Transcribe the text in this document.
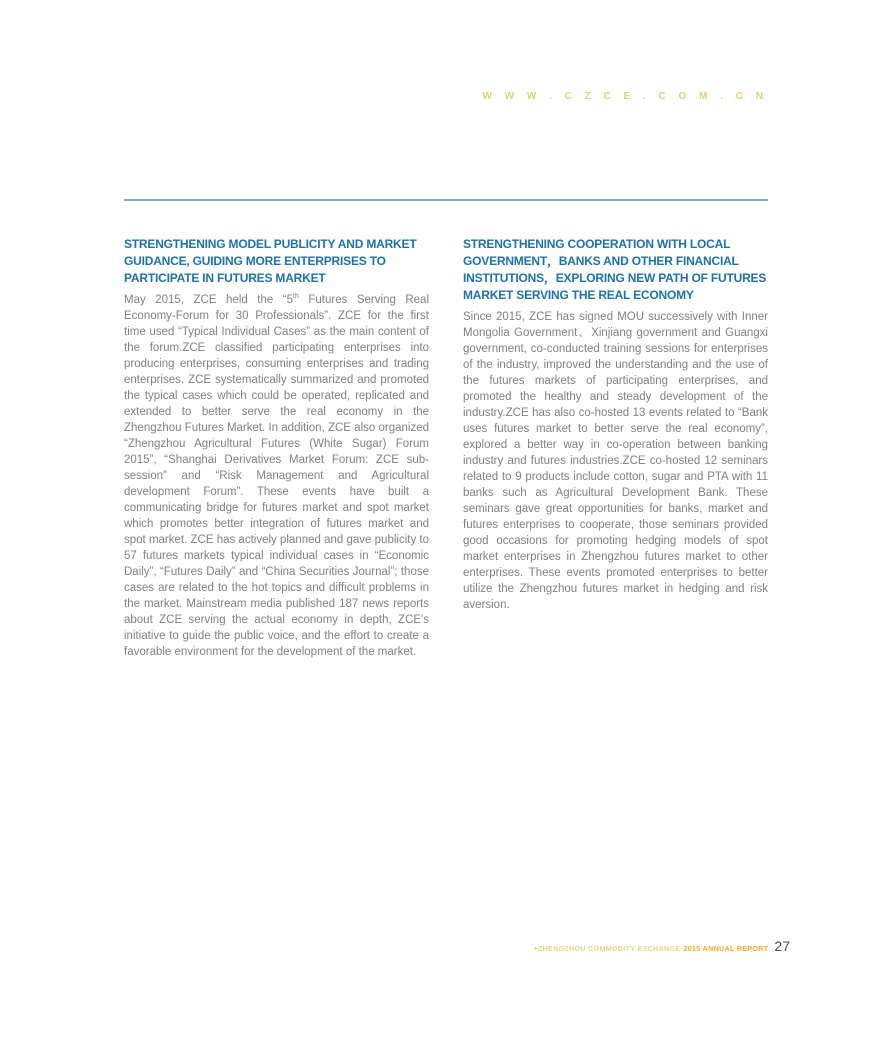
W W W . C Z C E . C O M . C N
STRENGTHENING MODEL PUBLICITY AND MARKET
GUIDANCE, GUIDING MORE ENTERPRISES TO
PARTICIPATE IN FUTURES MARKET

May 2015, ZCE held the “5th Futures Serving Real Economy-Forum for 30 Professionals”. ZCE for the first time used “Typical Individual Cases” as the main content of the forum.ZCE classified participating enterprises into producing enterprises, consuming enterprises and trading enterprises. ZCE systematically summarized and promoted the typical cases which could be operated, replicated and extended to better serve the real economy in the Zhengzhou Futures Market. In addition, ZCE also organized “Zhengzhou Agricultural Futures (White Sugar) Forum 2015”, “Shanghai Derivatives Market Forum: ZCE sub-session” and “Risk Management and Agricultural development Forum”. These events have built a communicating bridge for futures market and spot market which promotes better integration of futures market and spot market. ZCE has actively planned and gave publicity to 57 futures markets typical individual cases in “Economic Daily”, “Futures Daily” and “China Securities Journal”; those cases are related to the hot topics and difficult problems in the market. Mainstream media published 187 news reports about ZCE serving the actual economy in depth, ZCE's initiative to guide the public voice, and the effort to create a favorable environment for the development of the market.

STRENGTHENING COOPERATION WITH LOCAL
GOVERNMENT，BANKS AND OTHER FINANCIAL
INSTITUTIONS，EXPLORING NEW PATH OF FUTURES
MARKET SERVING THE REAL ECONOMY

Since 2015, ZCE has signed MOU successively with Inner Mongolia Government、Xinjiang government and Guangxi government, co-conducted training sessions for enterprises of the industry, improved the understanding and the use of the futures markets of participating enterprises, and promoted the healthy and steady development of the industry.ZCE has also co-hosted 13 events related to “Bank uses futures market to better serve the real economy”, explored a better way in co-operation between banking industry and futures industries.ZCE co-hosted 12 seminars related to 9 products include cotton, sugar and PTA with 11 banks such as Agricultural Development Bank. These seminars gave great opportunities for banks, market and futures enterprises to cooperate, those seminars provided good occasions for promoting hedging models of spot market enterprises in Zhengzhou futures market to other enterprises. These events promoted enterprises to better utilize the Zhengzhou futures market in hedging and risk aversion.

+ZHENGZHOU COMMODITY EXCHANGE 2015 ANNUAL REPORT 27
